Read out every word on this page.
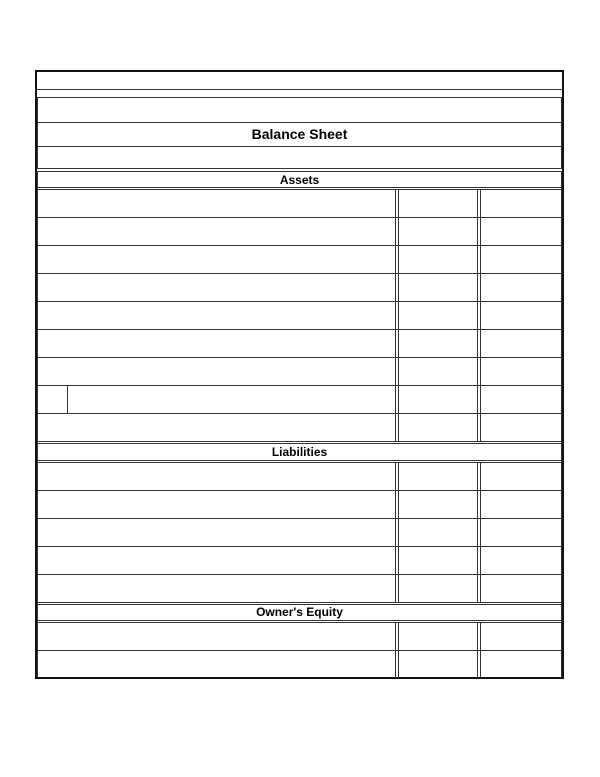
Balance Sheet
Assets
Liabilities
Owner's Equity
